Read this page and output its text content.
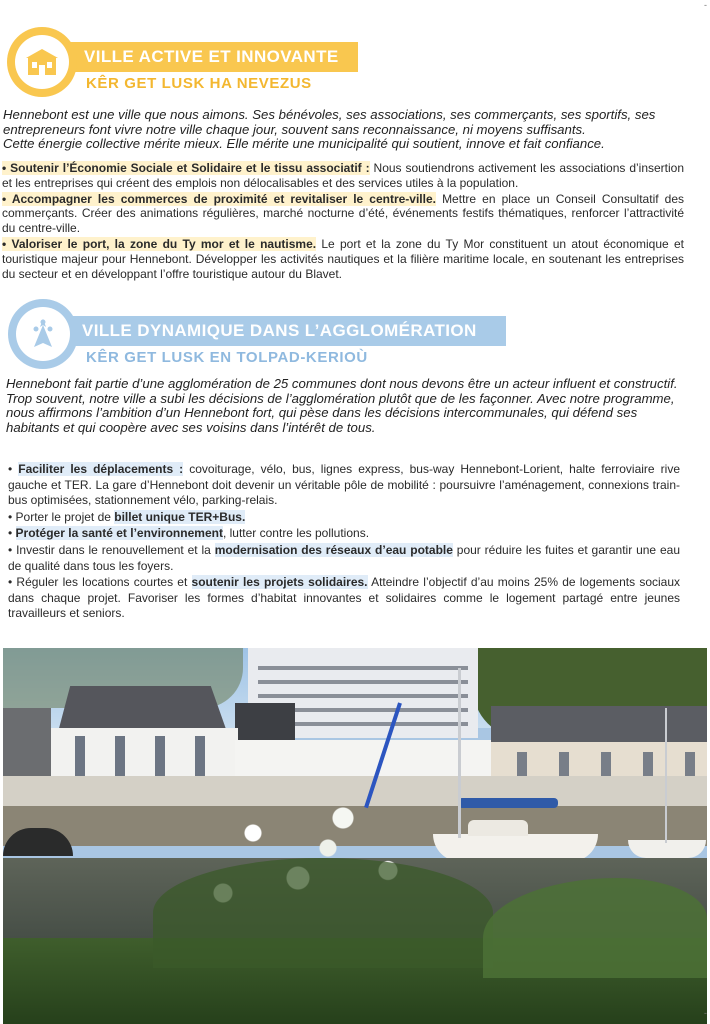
-
VILLE ACTIVE ET INNOVANTE
KÊR GET LUSK HA NEVEZUS

Hennebont est une ville que nous aimons. Ses bénévoles, ses associations, ses commerçants, ses sportifs, ses entrepreneurs font vivre notre ville chaque jour, souvent sans reconnaissance, ni moyens suffisants.

Cette énergie collective mérite mieux. Elle mérite une municipalité qui soutient, innove et fait confiance.

• Soutenir l’Économie Sociale et Solidaire et le tissu associatif : Nous soutiendrons activement les associations d’insertion et les entreprises qui créent des emplois non délocalisables et des services utiles à la population.

• Accompagner les commerces de proximité et revitaliser le centre-ville. Mettre en place un Conseil Consultatif des commerçants. Créer des animations régulières, marché nocturne d’été, événements festifs thématiques, renforcer l’attractivité du centre-ville.

• Valoriser le port, la zone du Ty mor et le nautisme. Le port et la zone du Ty Mor constituent un atout économique et touristique majeur pour Hennebont. Développer les activités nautiques et la filière maritime locale, en soutenant les entreprises du secteur et en développant l’offre touristique autour du Blavet.

VILLE DYNAMIQUE DANS L’AGGLOMÉRATION
KÊR GET LUSK EN TOLPAD-KERIOÙ

Hennebont fait partie d’une agglomération de 25 communes dont nous devons être un acteur influent et constructif.

Trop souvent, notre ville a subi les décisions de l’agglomération plutôt que de les façonner. Avec notre programme, nous affirmons l’ambition d’un Hennebont fort, qui pèse dans les décisions intercommunales, qui défend ses habitants et qui coopère avec ses voisins dans l’intérêt de tous.

• Faciliter les déplacements : covoiturage, vélo, bus, lignes express, bus-way Hennebont-Lorient, halte ferroviaire rive gauche et TER. La gare d’Hennebont doit devenir un véritable pôle de mobilité : poursuivre l’aménagement, connexions train-bus optimisées, stationnement vélo, parking-relais.

• Porter le projet de billet unique TER+Bus.

• Protéger la santé et l’environnement, lutter contre les pollutions.

• Investir dans le renouvellement et la modernisation des réseaux d’eau potable pour réduire les fuites et garantir une eau de qualité dans tous les foyers.

• Réguler les locations courtes et soutenir les projets solidaires. Atteindre l’objectif d’au moins 25% de logements sociaux dans chaque projet. Favoriser les formes d’habitat innovantes et solidaires comme le logement partagé entre jeunes travailleurs et seniors.

-
